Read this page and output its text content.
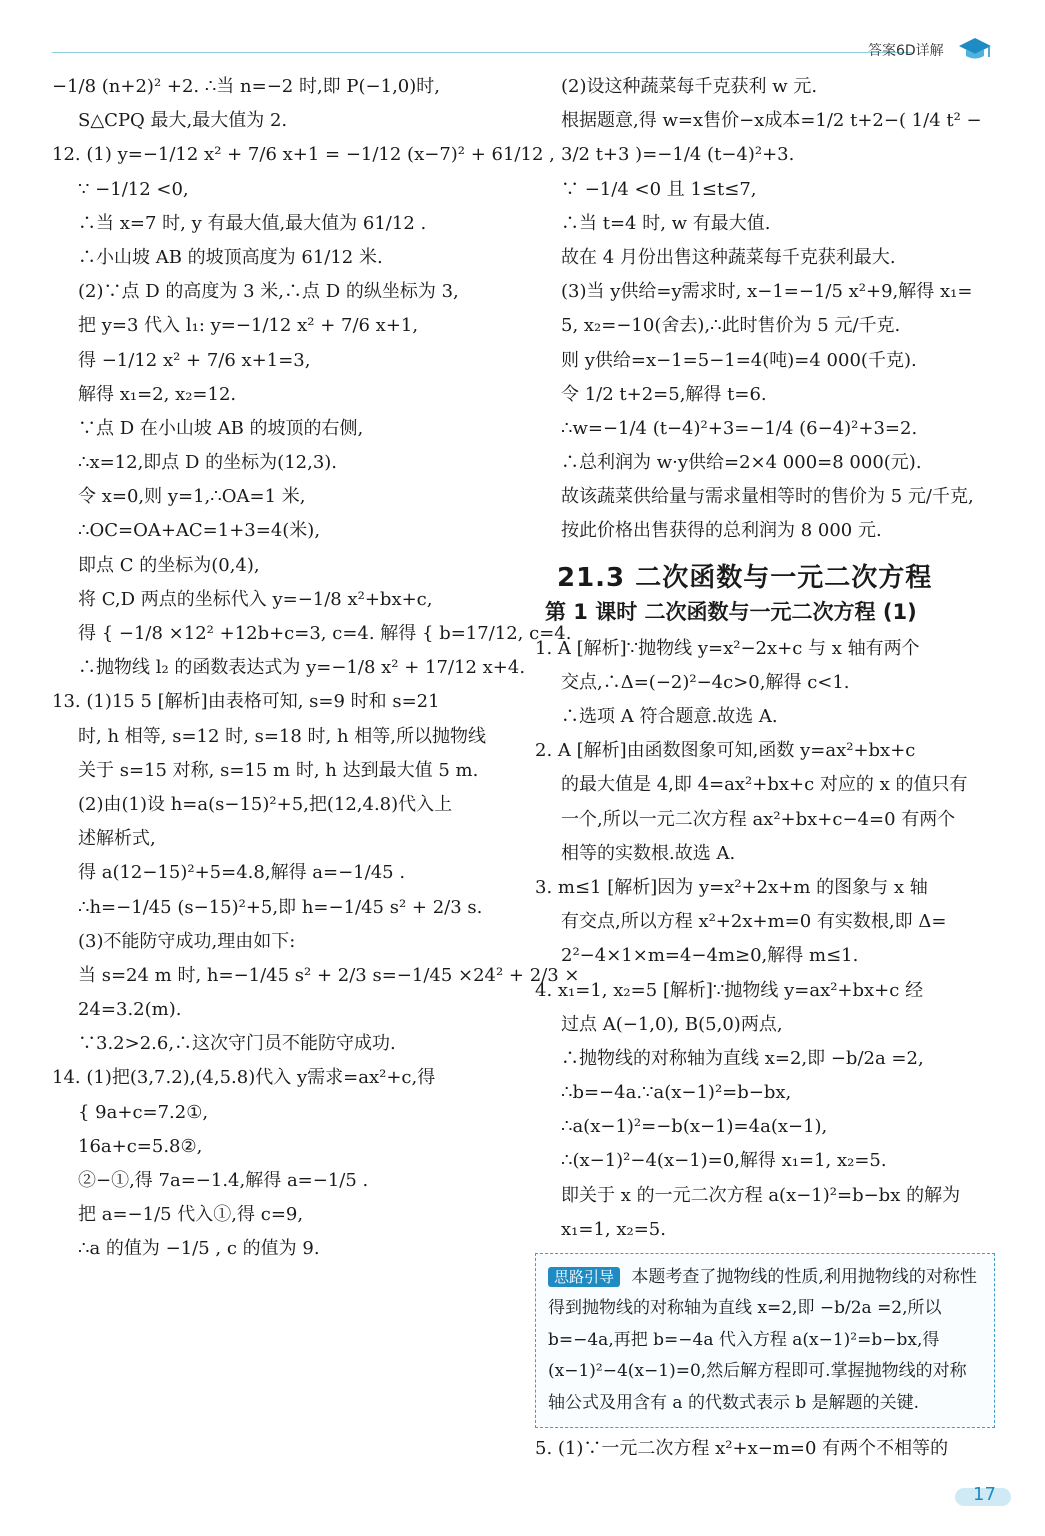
答案6D详解

−1/8 (n+2)² +2. ∴当 n=−2 时,即 P(−1,0)时,

S△CPQ 最大,最大值为 2.

12. (1) y=−1/12 x² + 7/6 x+1 = −1/12 (x−7)² + 61/12 ,

∵ −1/12 <0,

∴当 x=7 时, y 有最大值,最大值为 61/12 .

∴小山坡 AB 的坡顶高度为 61/12 米.

(2)∵点 D 的高度为 3 米,∴点 D 的纵坐标为 3,

把 y=3 代入 l₁: y=−1/12 x² + 7/6 x+1,

得 −1/12 x² + 7/6 x+1=3,

解得 x₁=2, x₂=12.

∵点 D 在小山坡 AB 的坡顶的右侧,

∴x=12,即点 D 的坐标为(12,3).

令 x=0,则 y=1,∴OA=1 米,

∴OC=OA+AC=1+3=4(米),

即点 C 的坐标为(0,4),

将 C,D 两点的坐标代入 y=−1/8 x²+bx+c,

得 { −1/8 ×12² +12b+c=3, c=4. 解得 { b=17/12, c=4.

∴抛物线 l₂ 的函数表达式为 y=−1/8 x² + 17/12 x+4.

13. (1)15 5 [解析]由表格可知, s=9 时和 s=21

时, h 相等, s=12 时, s=18 时, h 相等,所以抛物线

关于 s=15 对称, s=15 m 时, h 达到最大值 5 m.

(2)由(1)设 h=a(s−15)²+5,把(12,4.8)代入上

述解析式,

得 a(12−15)²+5=4.8,解得 a=−1/45 .

∴h=−1/45 (s−15)²+5,即 h=−1/45 s² + 2/3 s.

(3)不能防守成功,理由如下:

当 s=24 m 时, h=−1/45 s² + 2/3 s=−1/45 ×24² + 2/3 ×

24=3.2(m).

∵3.2>2.6,∴这次守门员不能防守成功.

14. (1)把(3,7.2),(4,5.8)代入 y需求=ax²+c,得

{ 9a+c=7.2①,

16a+c=5.8②,

②−①,得 7a=−1.4,解得 a=−1/5 .

把 a=−1/5 代入①,得 c=9,

∴a 的值为 −1/5 , c 的值为 9.

(2)设这种蔬菜每千克获利 w 元.

根据题意,得 w=x售价−x成本=1/2 t+2−( 1/4 t² −

3/2 t+3 )=−1/4 (t−4)²+3.

∵ −1/4 <0 且 1≤t≤7,

∴当 t=4 时, w 有最大值.

故在 4 月份出售这种蔬菜每千克获利最大.

(3)当 y供给=y需求时, x−1=−1/5 x²+9,解得 x₁=

5, x₂=−10(舍去),∴此时售价为 5 元/千克.

则 y供给=x−1=5−1=4(吨)=4 000(千克).

令 1/2 t+2=5,解得 t=6.

∴w=−1/4 (t−4)²+3=−1/4 (6−4)²+3=2.

∴总利润为 w·y供给=2×4 000=8 000(元).

故该蔬菜供给量与需求量相等时的售价为 5 元/千克,

按此价格出售获得的总利润为 8 000 元.

21.3 二次函数与一元二次方程
第 1 课时 二次函数与一元二次方程 (1)

1. A [解析]∵抛物线 y=x²−2x+c 与 x 轴有两个

交点,∴Δ=(−2)²−4c>0,解得 c<1.

∴选项 A 符合题意.故选 A.

2. A [解析]由函数图象可知,函数 y=ax²+bx+c

的最大值是 4,即 4=ax²+bx+c 对应的 x 的值只有

一个,所以一元二次方程 ax²+bx+c−4=0 有两个

相等的实数根.故选 A.

3. m≤1 [解析]因为 y=x²+2x+m 的图象与 x 轴

有交点,所以方程 x²+2x+m=0 有实数根,即 Δ=

2²−4×1×m=4−4m≥0,解得 m≤1.

4. x₁=1, x₂=5 [解析]∵抛物线 y=ax²+bx+c 经

过点 A(−1,0), B(5,0)两点,

∴抛物线的对称轴为直线 x=2,即 −b/2a =2,

∴b=−4a.∵a(x−1)²=b−bx,

∴a(x−1)²=−b(x−1)=4a(x−1),

∴(x−1)²−4(x−1)=0,解得 x₁=1, x₂=5.

即关于 x 的一元二次方程 a(x−1)²=b−bx 的解为

x₁=1, x₂=5.

思路引导 本题考查了抛物线的性质,利用抛物线的对称性得到抛物线的对称轴为直线 x=2,即 −b/2a =2,所以 b=−4a,再把 b=−4a 代入方程 a(x−1)²=b−bx,得(x−1)²−4(x−1)=0,然后解方程即可.掌握抛物线的对称轴公式及用含有 a 的代数式表示 b 是解题的关键.

5. (1)∵一元二次方程 x²+x−m=0 有两个不相等的

17
